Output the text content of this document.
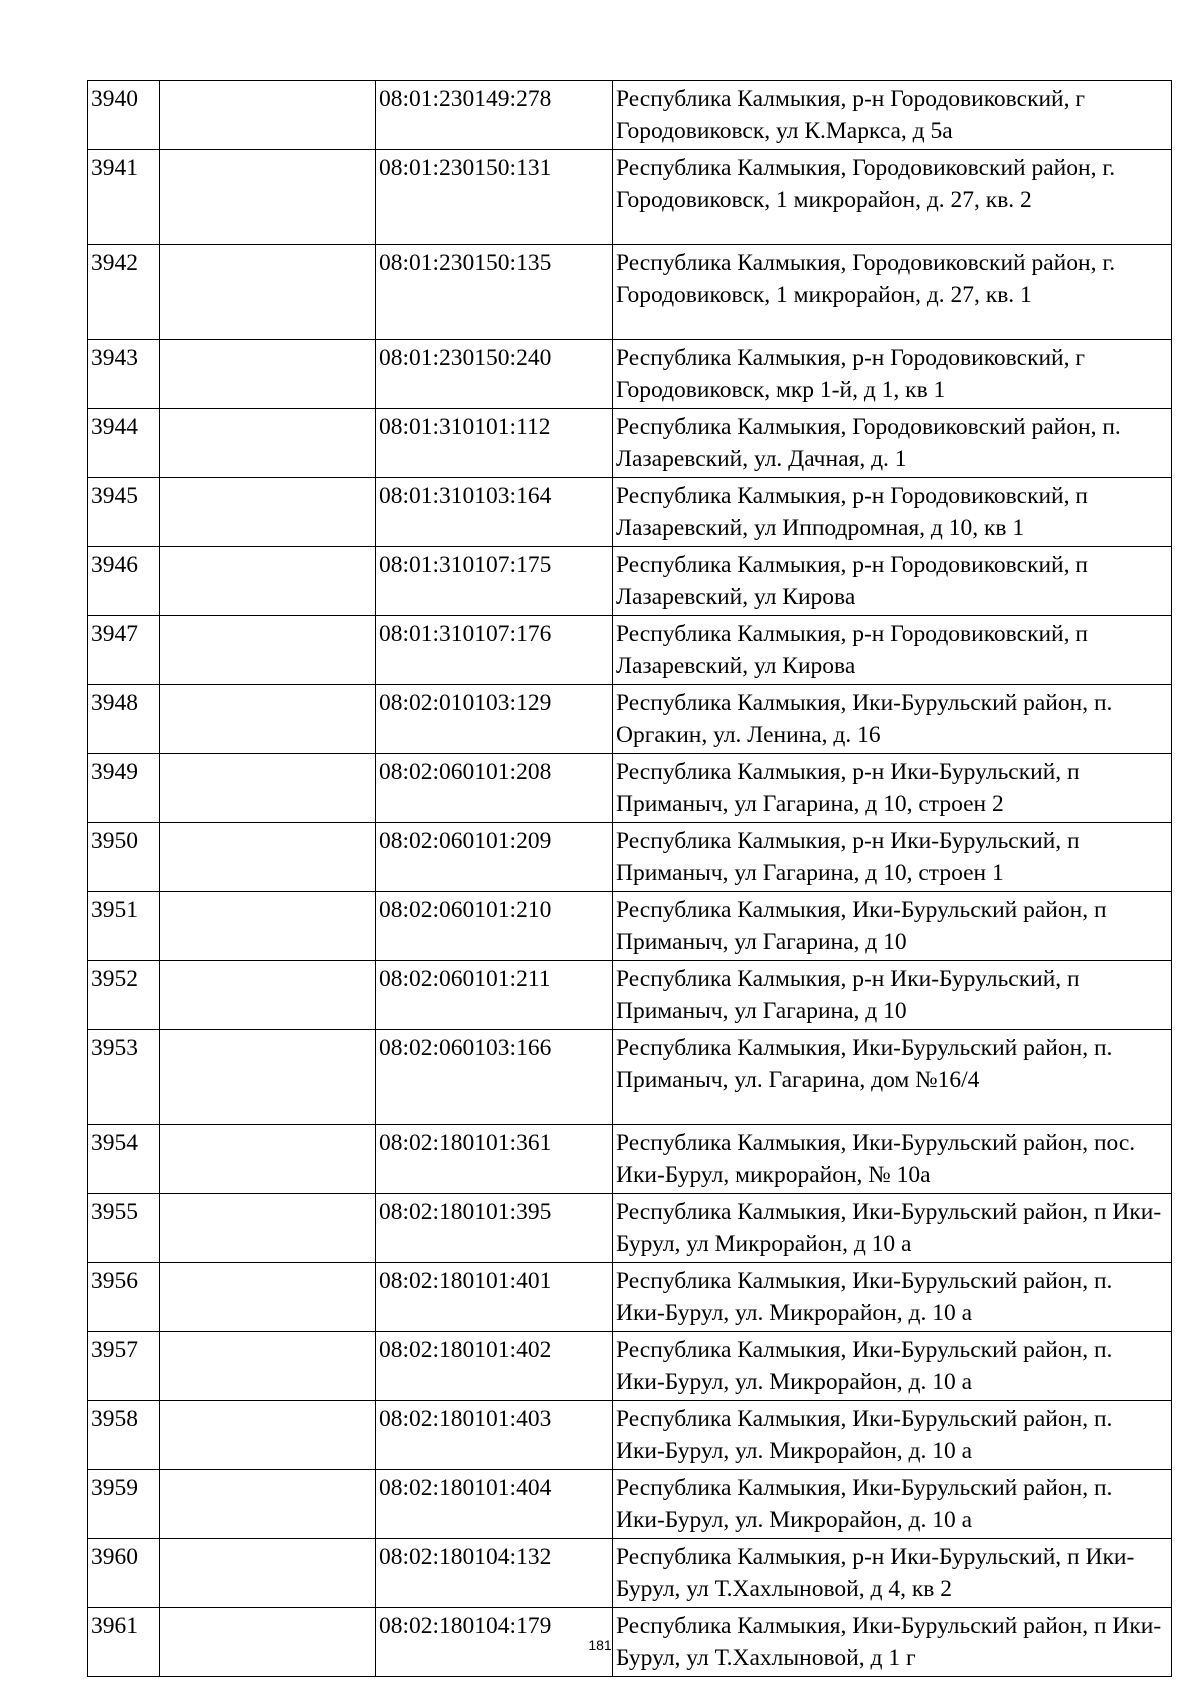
3940		08:01:230149:278	Республика Калмыкия, р-н Городовиковский, г Городовиковск, ул К.Маркса, д 5а
3941		08:01:230150:131	Республика Калмыкия, Городовиковский район, г. Городовиковск, 1 микрорайон, д. 27, кв. 2
3942		08:01:230150:135	Республика Калмыкия, Городовиковский район, г. Городовиковск, 1 микрорайон, д. 27, кв. 1
3943		08:01:230150:240	Республика Калмыкия, р-н Городовиковский, г Городовиковск, мкр 1-й, д 1, кв 1
3944		08:01:310101:112	Республика Калмыкия, Городовиковский район, п. Лазаревский, ул. Дачная, д. 1
3945		08:01:310103:164	Республика Калмыкия, р-н Городовиковский, п Лазаревский, ул Ипподромная, д 10, кв 1
3946		08:01:310107:175	Республика Калмыкия, р-н Городовиковский, п Лазаревский, ул Кирова
3947		08:01:310107:176	Республика Калмыкия, р-н Городовиковский, п Лазаревский, ул Кирова
3948		08:02:010103:129	Республика Калмыкия, Ики-Бурульский район, п. Оргакин, ул. Ленина, д. 16
3949		08:02:060101:208	Республика Калмыкия, р-н Ики-Бурульский, п Приманыч, ул Гагарина, д 10, строен 2
3950		08:02:060101:209	Республика Калмыкия, р-н Ики-Бурульский, п Приманыч, ул Гагарина, д 10, строен 1
3951		08:02:060101:210	Республика Калмыкия, Ики-Бурульский район, п Приманыч, ул Гагарина, д 10
3952		08:02:060101:211	Республика Калмыкия, р-н Ики-Бурульский, п Приманыч, ул Гагарина, д 10
3953		08:02:060103:166	Республика Калмыкия, Ики-Бурульский район, п. Приманыч, ул. Гагарина, дом №16/4
3954		08:02:180101:361	Республика Калмыкия, Ики-Бурульский район, пос. Ики-Бурул, микрорайон, № 10а
3955		08:02:180101:395	Республика Калмыкия, Ики-Бурульский район, п Ики-Бурул, ул Микрорайон, д 10 а
3956		08:02:180101:401	Республика Калмыкия, Ики-Бурульский район, п. Ики-Бурул, ул. Микрорайон, д. 10 а
3957		08:02:180101:402	Республика Калмыкия, Ики-Бурульский район, п. Ики-Бурул, ул. Микрорайон, д. 10 а
3958		08:02:180101:403	Республика Калмыкия, Ики-Бурульский район, п. Ики-Бурул, ул. Микрорайон, д. 10 а
3959		08:02:180101:404	Республика Калмыкия, Ики-Бурульский район, п. Ики-Бурул, ул. Микрорайон, д. 10 а
3960		08:02:180104:132	Республика Калмыкия, р-н Ики-Бурульский, п Ики-Бурул, ул Т.Хахлыновой, д 4, кв 2
3961		08:02:180104:179	Республика Калмыкия, Ики-Бурульский район, п Ики-Бурул, ул Т.Хахлыновой, д 1 г
181
